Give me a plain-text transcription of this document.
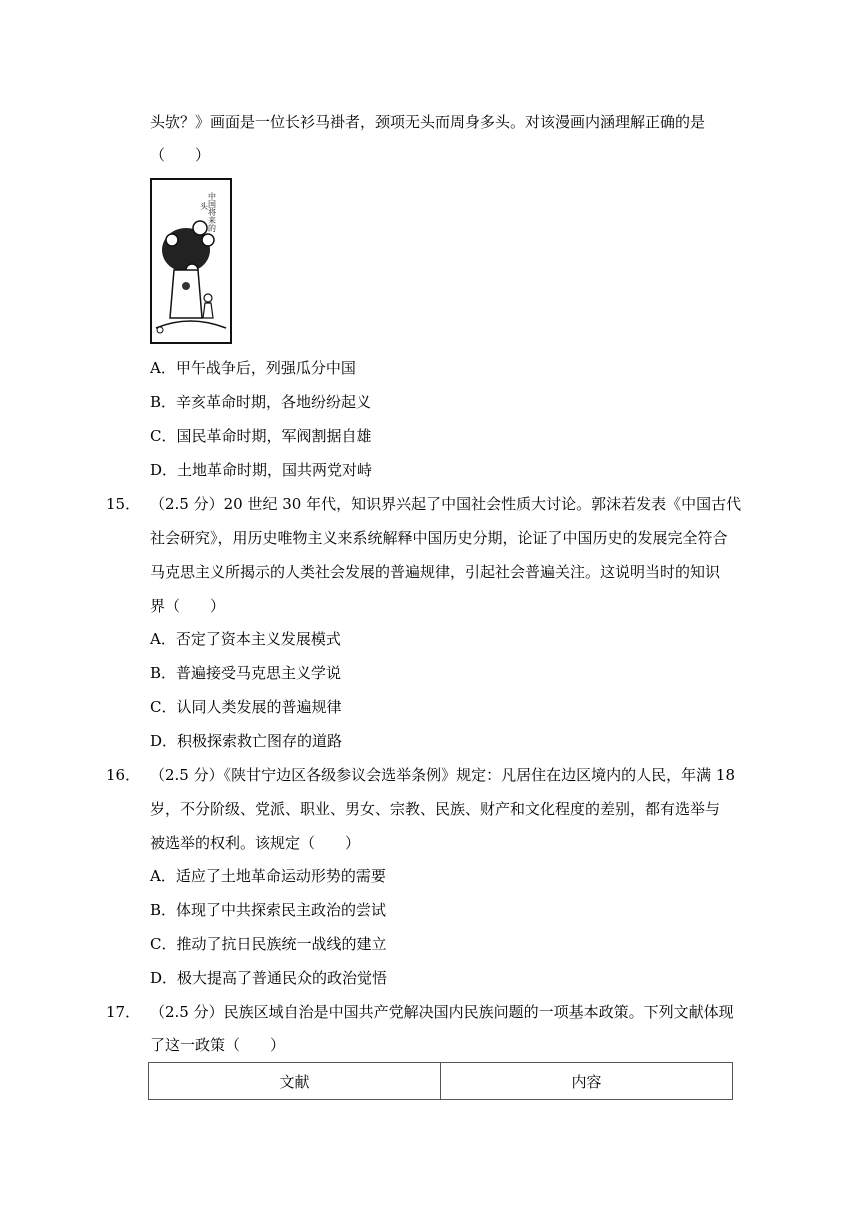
头欤？》画面是一位长衫马褂者，颈项无头而周身多头。对该漫画内涵理解正确的是
（　　）
中国将来的
头
A．甲午战争后，列强瓜分中国
B．辛亥革命时期，各地纷纷起义
C．国民革命时期，军阀割据自雄
D．土地革命时期，国共两党对峙
15． （2.5 分）20 世纪 30 年代，知识界兴起了中国社会性质大讨论。郭沫若发表《中国古代
社会研究》，用历史唯物主义来系统解释中国历史分期，论证了中国历史的发展完全符合
马克思主义所揭示的人类社会发展的普遍规律，引起社会普遍关注。这说明当时的知识
界（　　）
A．否定了资本主义发展模式
B．普遍接受马克思主义学说
C．认同人类发展的普遍规律
D．积极探索救亡图存的道路
16． （2.5 分）《陕甘宁边区各级参议会选举条例》规定：凡居住在边区境内的人民，年满 18
岁，不分阶级、党派、职业、男女、宗教、民族、财产和文化程度的差别，都有选举与
被选举的权利。该规定（　　）
A．适应了土地革命运动形势的需要
B．体现了中共探索民主政治的尝试
C．推动了抗日民族统一战线的建立
D．极大提高了普通民众的政治觉悟
17． （2.5 分）民族区域自治是中国共产党解决国内民族问题的一项基本政策。下列文献体现
了这一政策（　　）
文献	内容
